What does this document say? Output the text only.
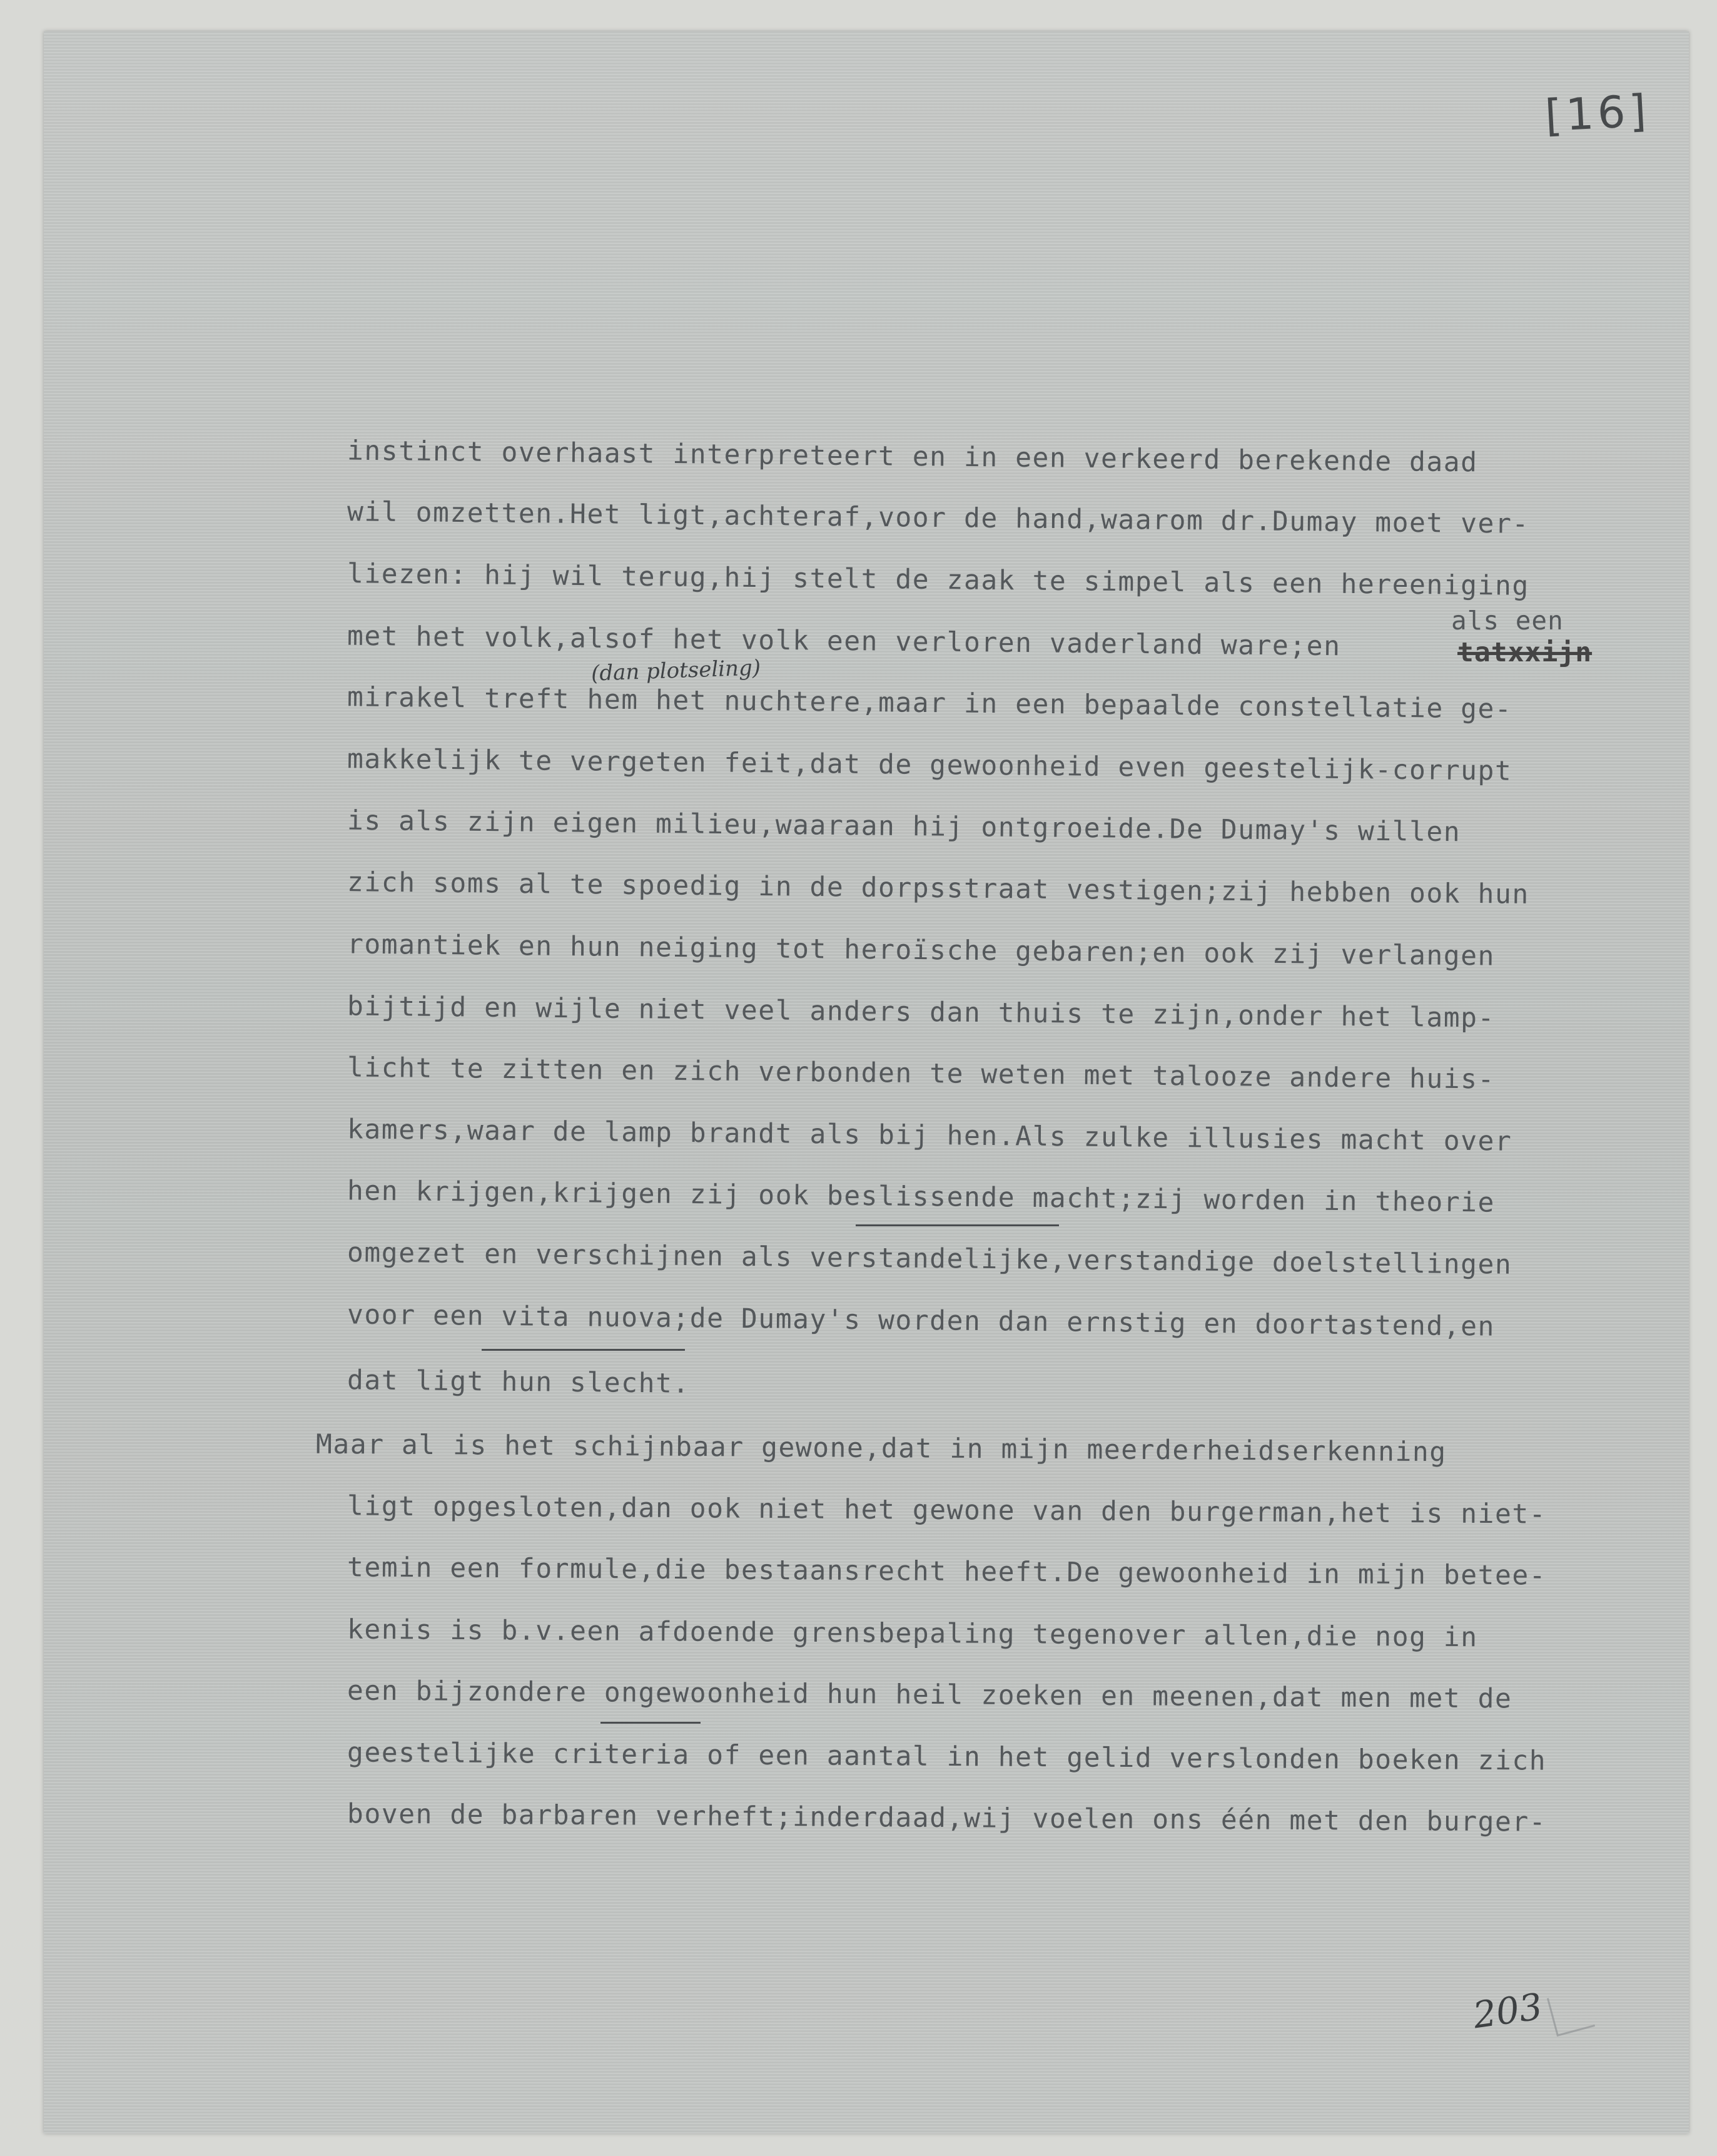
[16]
instinct overhaast interpreteert en in een verkeerd berekende daad
wil omzetten.Het ligt,achteraf,voor de hand,waarom dr.Dumay moet ver-
liezen: hij wil terug,hij stelt de zaak te simpel als een hereeniging
met het volk,alsof het volk een verloren vaderland ware;en
mirakel treft hem het nuchtere,maar in een bepaalde constellatie ge-
makkelijk te vergeten feit,dat de gewoonheid even geestelijk-corrupt
is als zijn eigen milieu,waaraan hij ontgroeide.De Dumay's willen
zich soms al te spoedig in de dorpsstraat vestigen;zij hebben ook hun
romantiek en hun neiging tot heroïsche gebaren;en ook zij verlangen
bijtijd en wijle niet veel anders dan thuis te zijn,onder het lamp-
licht te zitten en zich verbonden te weten met talooze andere huis-
kamers,waar de lamp brandt als bij hen.Als zulke illusies macht over
hen krijgen,krijgen zij ook beslissende macht;zij worden in theorie
omgezet en verschijnen als verstandelijke,verstandige doelstellingen
voor een vita nuova;de Dumay's worden dan ernstig en doortastend,en
dat ligt hun slecht.
Maar al is het schijnbaar gewone,dat in mijn meerderheidserkenning
ligt opgesloten,dan ook niet het gewone van den burgerman,het is niet-
temin een formule,die bestaansrecht heeft.De gewoonheid in mijn betee-
kenis is b.v.een afdoende grensbepaling tegenover allen,die nog in
een bijzondere ongewoonheid hun heil zoeken en meenen,dat men met de
geestelijke criteria of een aantal in het gelid verslonden boeken zich
boven de barbaren verheft;inderdaad,wij voelen ons één met den burger-
als een
tatxxijn
(dan plotseling)
203
